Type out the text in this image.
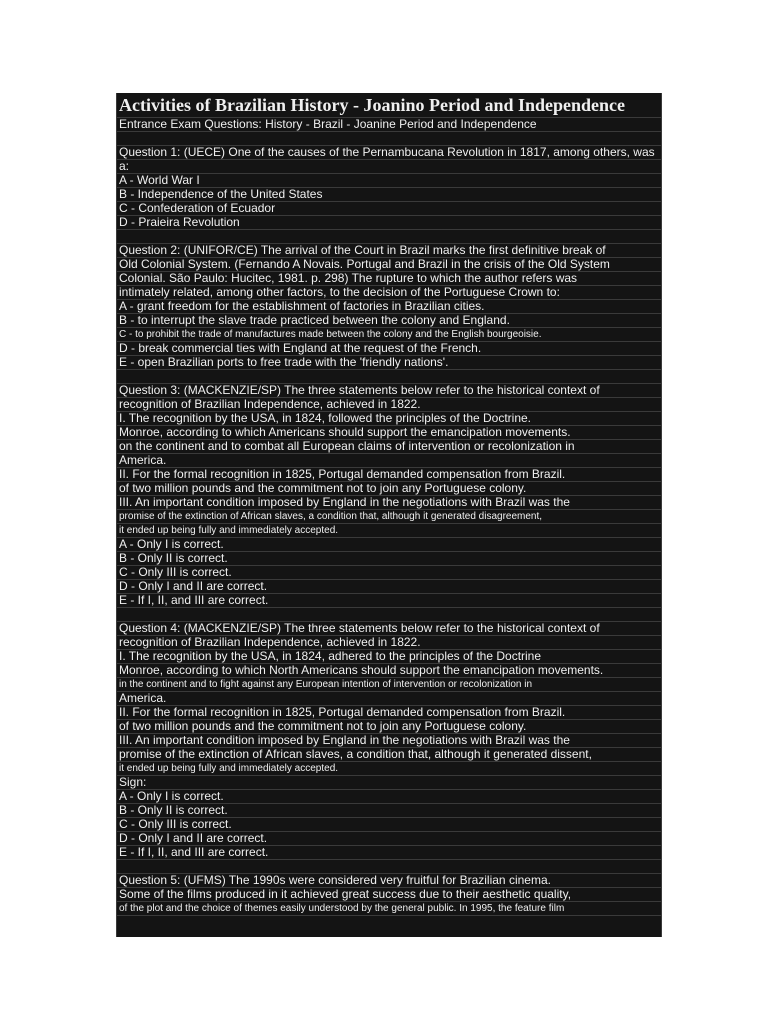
Activities of Brazilian History - Joanino Period and Independence
Entrance Exam Questions: History - Brazil - Joanine Period and Independence
Question 1: (UECE) One of the causes of the Pernambucana Revolution in 1817, among others, was
a:
A - World War I
B - Independence of the United States
C - Confederation of Ecuador
D - Praieira Revolution
Question 2: (UNIFOR/CE) The arrival of the Court in Brazil marks the first definitive break of
Old Colonial System. (Fernando A Novais. Portugal and Brazil in the crisis of the Old System
Colonial. São Paulo: Hucitec, 1981. p. 298) The rupture to which the author refers was
intimately related, among other factors, to the decision of the Portuguese Crown to:
A - grant freedom for the establishment of factories in Brazilian cities.
B - to interrupt the slave trade practiced between the colony and England.
C - to prohibit the trade of manufactures made between the colony and the English bourgeoisie.
D - break commercial ties with England at the request of the French.
E - open Brazilian ports to free trade with the 'friendly nations'.
Question 3: (MACKENZIE/SP) The three statements below refer to the historical context of
recognition of Brazilian Independence, achieved in 1822.
I. The recognition by the USA, in 1824, followed the principles of the Doctrine.
Monroe, according to which Americans should support the emancipation movements.
on the continent and to combat all European claims of intervention or recolonization in
America.
II. For the formal recognition in 1825, Portugal demanded compensation from Brazil.
of two million pounds and the commitment not to join any Portuguese colony.
III. An important condition imposed by England in the negotiations with Brazil was the
promise of the extinction of African slaves, a condition that, although it generated disagreement,
it ended up being fully and immediately accepted.
A - Only I is correct.
B - Only II is correct.
C - Only III is correct.
D - Only I and II are correct.
E - If I, II, and III are correct.
Question 4: (MACKENZIE/SP) The three statements below refer to the historical context of
recognition of Brazilian Independence, achieved in 1822.
I. The recognition by the USA, in 1824, adhered to the principles of the Doctrine
Monroe, according to which North Americans should support the emancipation movements.
in the continent and to fight against any European intention of intervention or recolonization in
America.
II. For the formal recognition in 1825, Portugal demanded compensation from Brazil.
of two million pounds and the commitment not to join any Portuguese colony.
III. An important condition imposed by England in the negotiations with Brazil was the
promise of the extinction of African slaves, a condition that, although it generated dissent,
it ended up being fully and immediately accepted.
Sign:
A - Only I is correct.
B - Only II is correct.
C - Only III is correct.
D - Only I and II are correct.
E - If I, II, and III are correct.
Question 5: (UFMS) The 1990s were considered very fruitful for Brazilian cinema.
Some of the films produced in it achieved great success due to their aesthetic quality,
of the plot and the choice of themes easily understood by the general public. In 1995, the feature film
